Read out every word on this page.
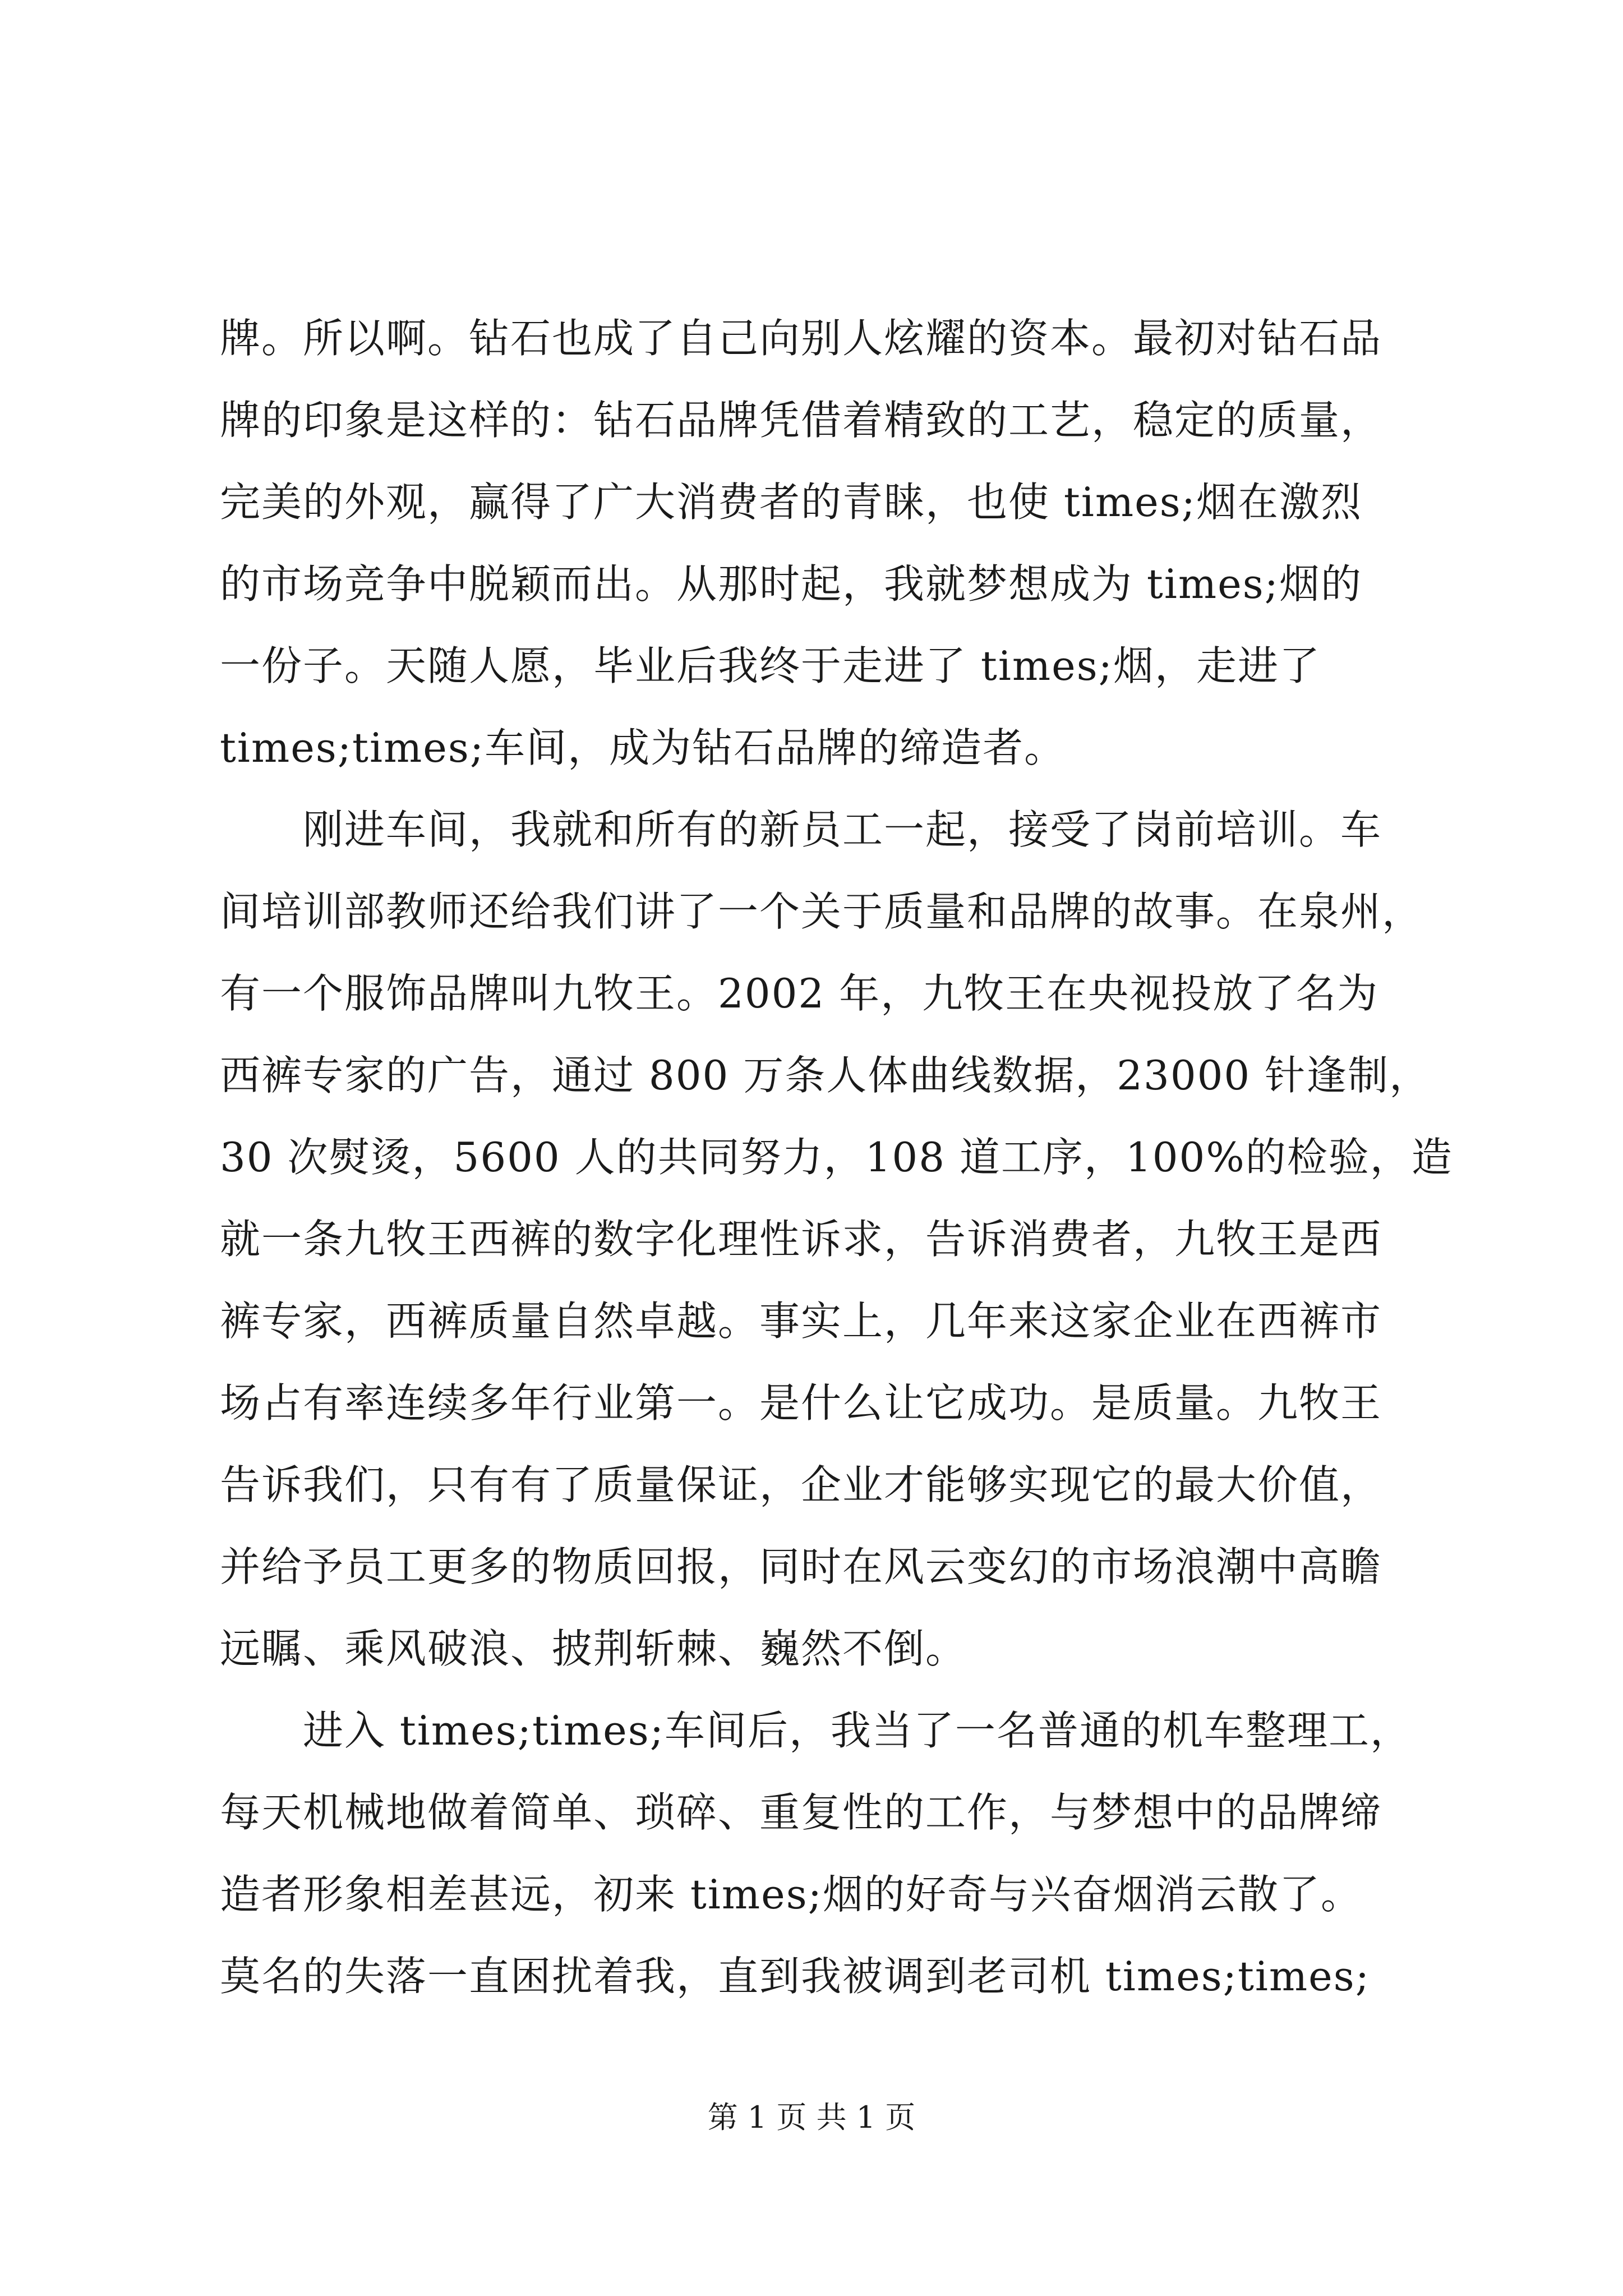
牌。所以啊。钻石也成了自己向别人炫耀的资本。最初对钻石品
牌的印象是这样的：钻石品牌凭借着精致的工艺，稳定的质量，
完美的外观，赢得了广大消费者的青睐，也使 times;烟在激烈
的市场竞争中脱颖而出。从那时起，我就梦想成为 times;烟的
一份子。天随人愿，毕业后我终于走进了 times;烟，走进了
times;times;车间，成为钻石品牌的缔造者。
　　刚进车间，我就和所有的新员工一起，接受了岗前培训。车
间培训部教师还给我们讲了一个关于质量和品牌的故事。在泉州，
有一个服饰品牌叫九牧王。2002 年，九牧王在央视投放了名为
西裤专家的广告，通过 800 万条人体曲线数据，23000 针逢制，
30 次熨烫，5600 人的共同努力，108 道工序，100%的检验，造
就一条九牧王西裤的数字化理性诉求，告诉消费者，九牧王是西
裤专家，西裤质量自然卓越。事实上，几年来这家企业在西裤市
场占有率连续多年行业第一。是什么让它成功。是质量。九牧王
告诉我们，只有有了质量保证，企业才能够实现它的最大价值，
并给予员工更多的物质回报，同时在风云变幻的市场浪潮中高瞻
远瞩、乘风破浪、披荆斩棘、巍然不倒。
　　进入 times;times;车间后，我当了一名普通的机车整理工，
每天机械地做着简单、琐碎、重复性的工作，与梦想中的品牌缔
造者形象相差甚远，初来 times;烟的好奇与兴奋烟消云散了。
莫名的失落一直困扰着我，直到我被调到老司机 times;times;
第 1 页 共 1 页
